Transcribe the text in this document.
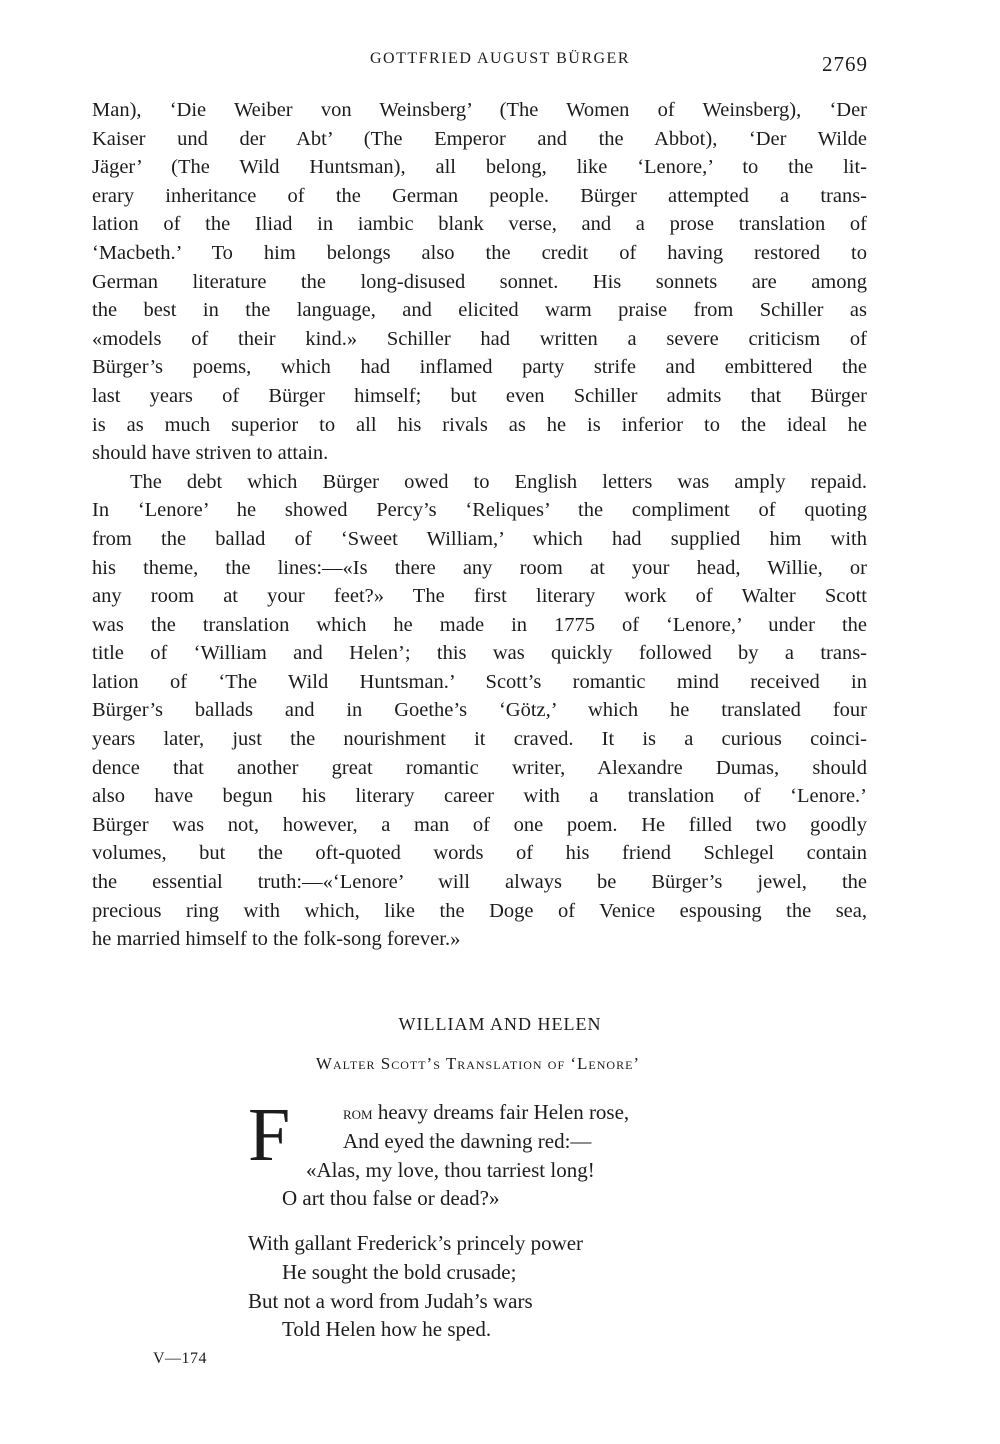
GOTTFRIED AUGUST BÜRGER	2769
Man), ‘Die Weiber von Weinsberg’ (The Women of Weinsberg), ‘Der
Kaiser und der Abt’ (The Emperor and the Abbot), ‘Der Wilde
Jäger’ (The Wild Huntsman), all belong, like ‘Lenore,’ to the lit-
erary inheritance of the German people. Bürger attempted a trans-
lation of the Iliad in iambic blank verse, and a prose translation of
‘Macbeth.’ To him belongs also the credit of having restored to
German literature the long-disused sonnet. His sonnets are among
the best in the language, and elicited warm praise from Schiller as
«models of their kind.» Schiller had written a severe criticism of
Bürger’s poems, which had inflamed party strife and embittered the
last years of Bürger himself; but even Schiller admits that Bürger
is as much superior to all his rivals as he is inferior to the ideal he
should have striven to attain.
The debt which Bürger owed to English letters was amply repaid.
In ‘Lenore’ he showed Percy’s ‘Reliques’ the compliment of quoting
from the ballad of ‘Sweet William,’ which had supplied him with
his theme, the lines:—«Is there any room at your head, Willie, or
any room at your feet?» The first literary work of Walter Scott
was the translation which he made in 1775 of ‘Lenore,’ under the
title of ‘William and Helen’; this was quickly followed by a trans-
lation of ‘The Wild Huntsman.’ Scott’s romantic mind received in
Bürger’s ballads and in Goethe’s ‘Götz,’ which he translated four
years later, just the nourishment it craved. It is a curious coinci-
dence that another great romantic writer, Alexandre Dumas, should
also have begun his literary career with a translation of ‘Lenore.’
Bürger was not, however, a man of one poem. He filled two goodly
volumes, but the oft-quoted words of his friend Schlegel contain
the essential truth:—«‘Lenore’ will always be Bürger’s jewel, the
precious ring with which, like the Doge of Venice espousing the sea,
he married himself to the folk-song forever.»
WILLIAM AND HELEN
Walter Scott’s Translation of ‘Lenore’
F	rom heavy dreams fair Helen rose,
And eyed the dawning red:—
«Alas, my love, thou tarriest long!
O art thou false or dead?»
With gallant Frederick’s princely power
He sought the bold crusade;
But not a word from Judah’s wars
Told Helen how he sped.
V—174
